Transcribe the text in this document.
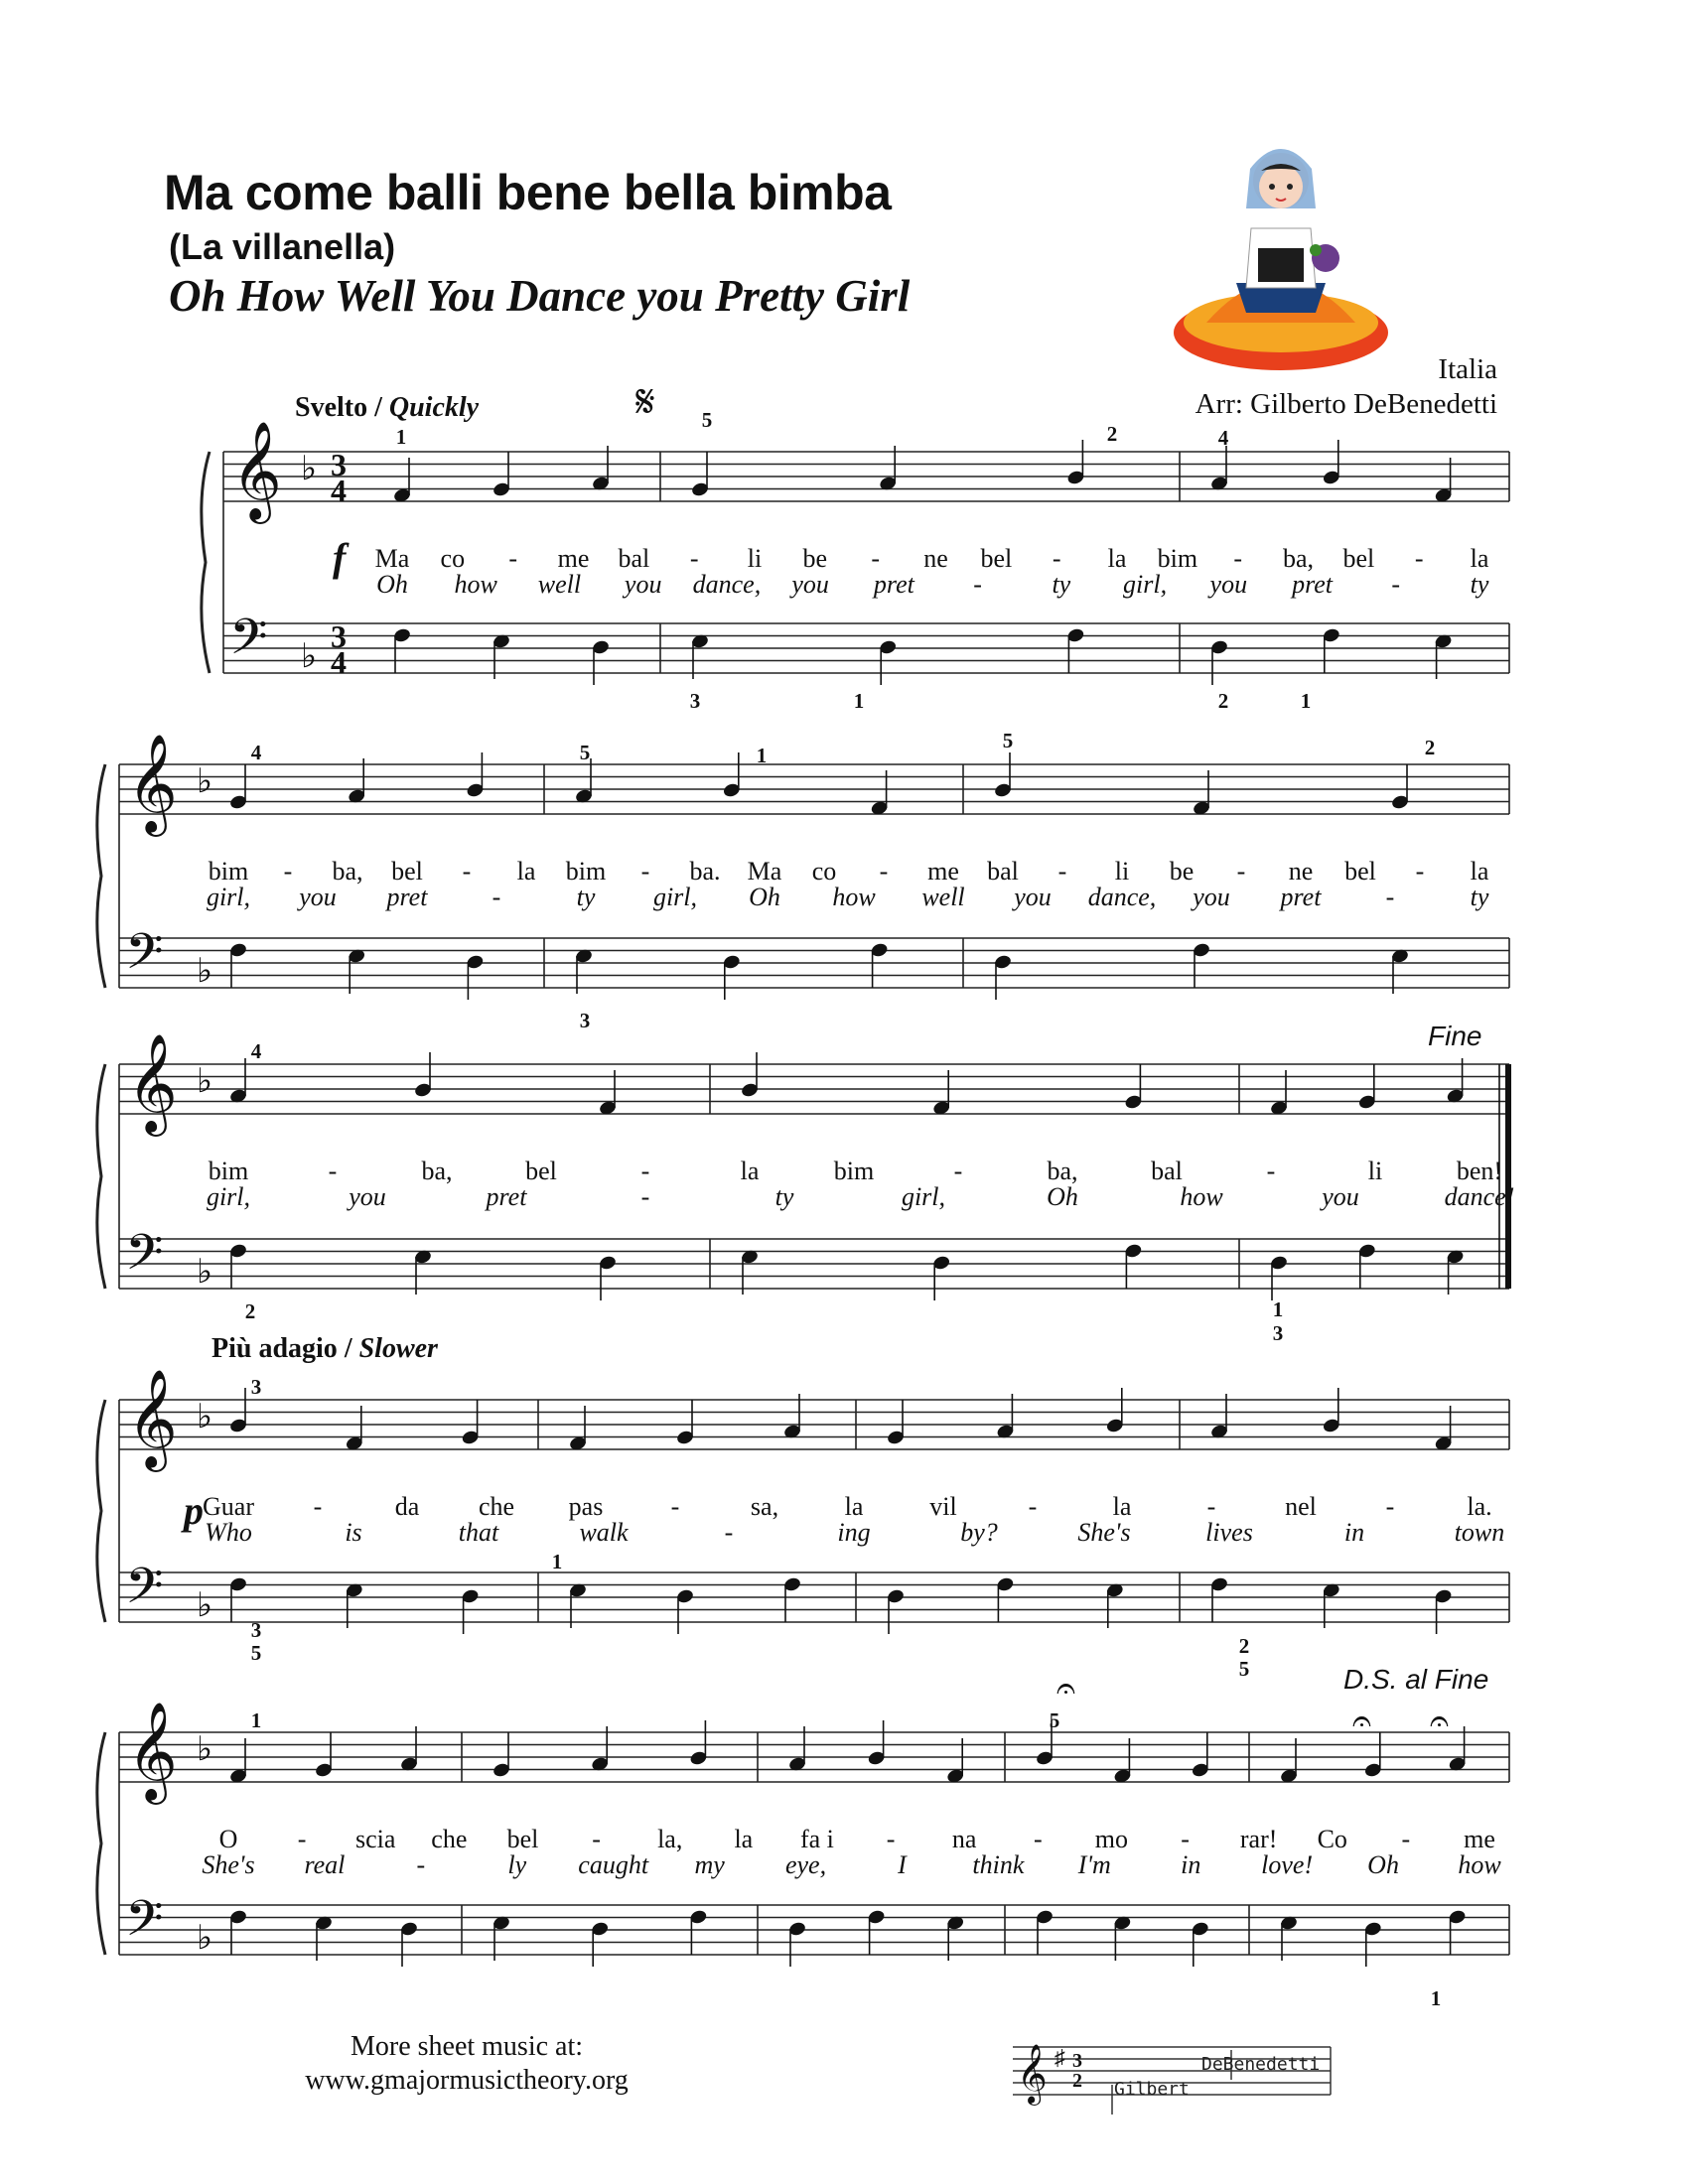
Ma come balli bene bella bimba
(La villanella)
Oh How Well You Dance you Pretty Girl
Italia
Arr: Gilberto DeBenedetti
Svelto / Quickly
Più adagio / Slower
Fine
D.S. al Fine
𝄞 ♭ 3
4
𝄢 ♭
3
4
Ma co - me bal - li be - ne bel - la bim - ba, bel - la
Oh how well you dance, you pret -	ty girl, you pret -	ty
1
5
2	4
3	1	2	1
𝄞 ♭
𝄢 ♭
bim - ba, bel - la bim - ba. Ma co - me bal - li be - ne bel - la
girl, you pret	-	ty girl, Oh how well you dance, you pret	-	ty
4	5	1
5	2
3
𝄞 ♭
𝄢 ♭
bim	-	ba,	bel	-	la	bim	-	ba,	bal	-	li	ben!
girl,	you	pret	-	ty	girl,	Oh	how	you	dance!
4
2	1
3
𝄞 ♭
𝄢 ♭
Guar -	da che pas	-	sa,	la	vil	-	la	-	nel	-	la.
Who	is	that	walk	-	ing	by?	She's	lives	in	town
3
1
3
5	2
5
𝄞 ♭
𝄢 ♭
O - scia che bel - la, la fa i - na - mo - rar! Co - me
She's real	-	ly caught my eye,	I	think I'm	in love! Oh how
1	5
1
f
p
𝄋
𝄐
𝄐 𝄐
More sheet music at:
www.gmajormusictheory.org	𝄞 ♯ 3
2 Gilbert
DeBenedetti
